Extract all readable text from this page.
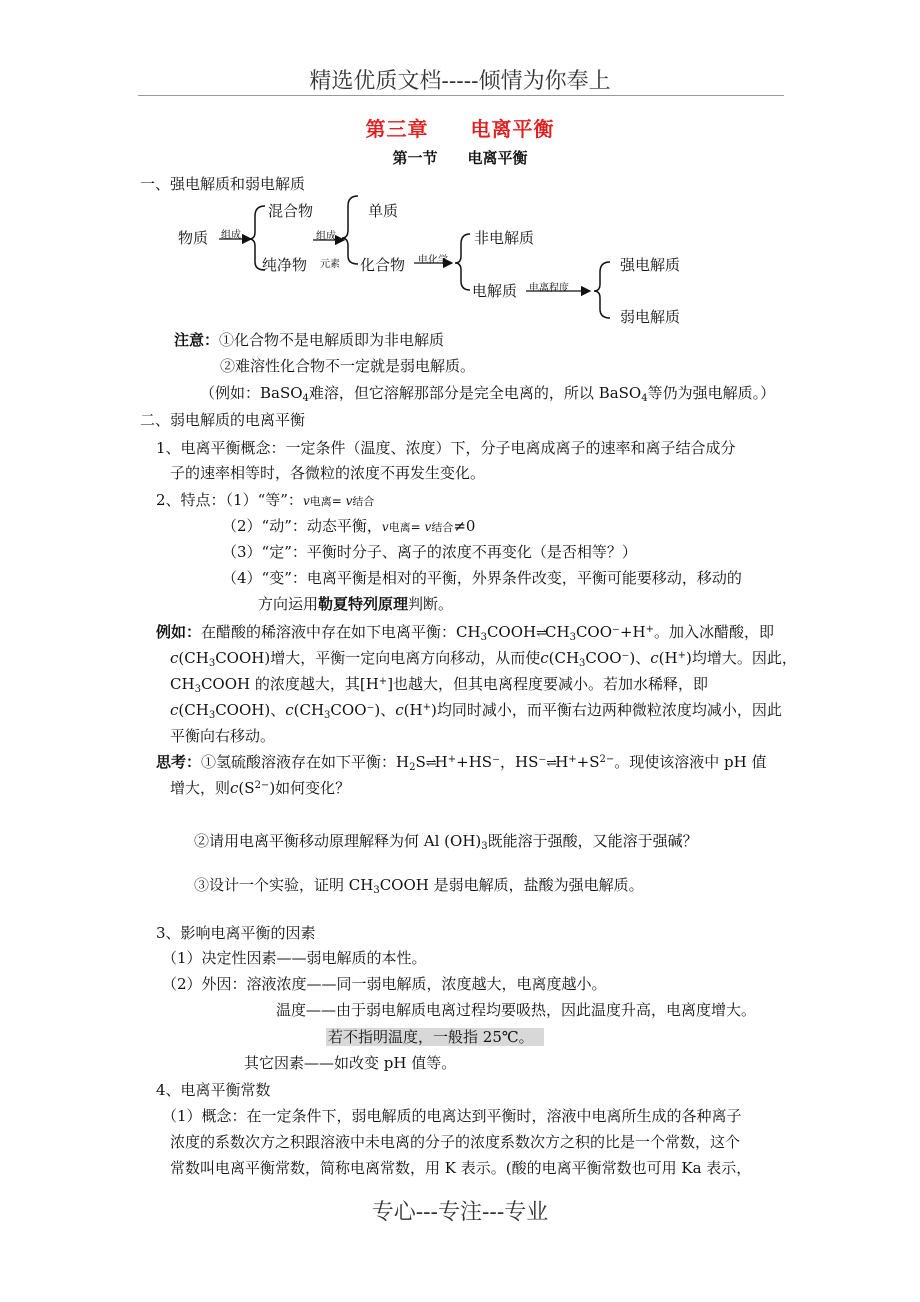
精选优质文档-----倾情为你奉上
第三章　　电离平衡
第一节　　电离平衡
一、强电解质和弱电解质
物质 组成
混合物
纯净物
组成
元素
单质
化合物 电化学
非电解质
电解质 电离程度
强电解质
弱电解质
注意：①化合物不是电解质即为非电解质
②难溶性化合物不一定就是弱电解质。
（例如：BaSO$_4$难溶，但它溶解那部分是完全电离的，所以 BaSO$_4$等仍为强电解质。）
二、弱电解质的电离平衡
1、电离平衡概念：一定条件（温度、浓度）下，分子电离成离子的速率和离子结合成分
子的速率相等时，各微粒的浓度不再发生变化。
2、特点：（1）“等”：v电离= v结合
（2）“动”：动态平衡，v电离= v结合≠0
（3）“定”：平衡时分子、离子的浓度不再变化（是否相等？）
（4）“变”：电离平衡是相对的平衡，外界条件改变，平衡可能要移动，移动的
方向运用勒夏特列原理判断。
例如：在醋酸的稀溶液中存在如下电离平衡：$CH_3COOH\rightleftharpoons CH_3COO^-+H^+$。加入冰醋酸，即
$c(CH_3COOH)$增大，平衡一定向电离方向移动，从而使$c(CH_3COO^-)$、c(H+)均增大。因此，
$CH_3COOH$ 的浓度越大，其[H+]也越大，但其电离程度要减小。若加水稀释，即
$c(CH_3COOH)$、$c(CH_3COO^-)$、c(H+)均同时减小，而平衡右边两种微粒浓度均减小，因此
平衡向右移动。
思考：①氢硫酸溶液存在如下平衡：$H_2S\rightleftharpoons H^++HS^-$，$HS^-\rightleftharpoons H^++S^{2-}$。现使该溶液中 pH 值
增大，则$c(S^{2-})$如何变化？
②请用电离平衡移动原理解释为何 Al $(OH)_3$既能溶于强酸，又能溶于强碱？
③设计一个实验，证明 $CH_3COOH$ 是弱电解质，盐酸为强电解质。
3、影响电离平衡的因素
（1）决定性因素——弱电解质的本性。
（2）外因：溶液浓度——同一弱电解质，浓度越大，电离度越小。
温度——由于弱电解质电离过程均要吸热，因此温度升高，电离度增大。
若不指明温度，一般指 25℃。
其它因素——如改变 pH 值等。
4、电离平衡常数
（1）概念：在一定条件下，弱电解质的电离达到平衡时，溶液中电离所生成的各种离子
浓度的系数次方之积跟溶液中未电离的分子的浓度系数次方之积的比是一个常数，这个
常数叫电离平衡常数，简称电离常数，用 K 表示。(酸的电离平衡常数也可用 Ka 表示，
专心---专注---专业
